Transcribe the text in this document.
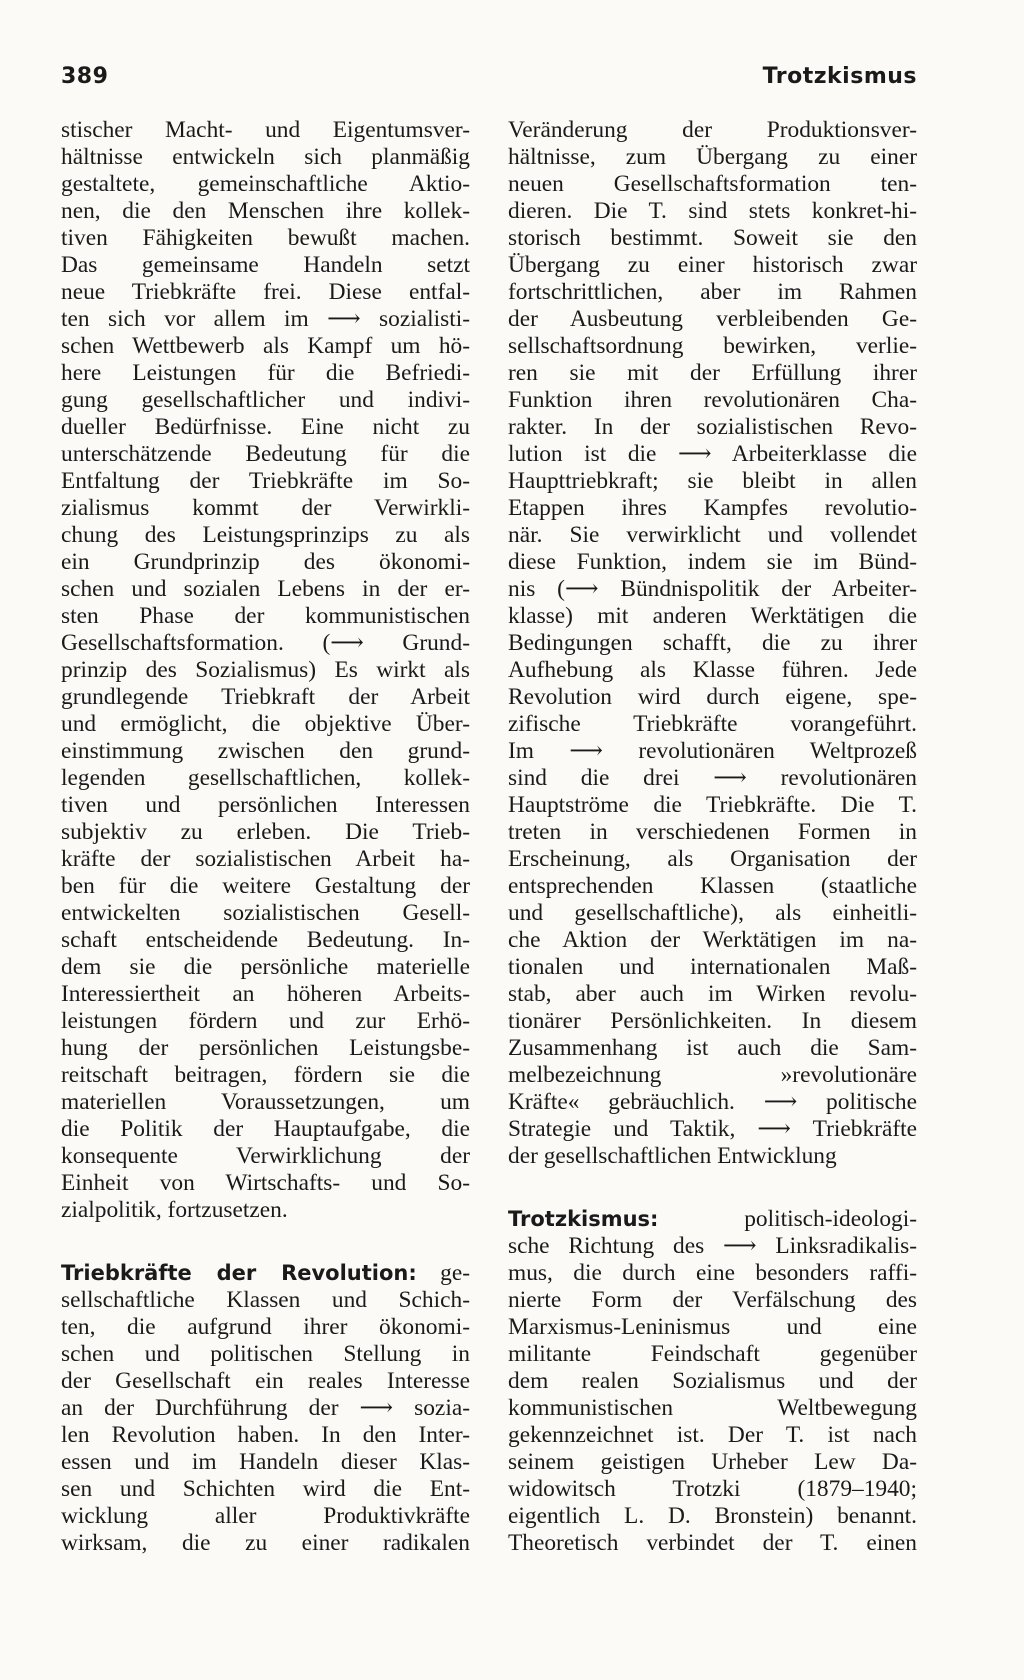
389	Trotzkismus

stischer Macht- und Eigentumsver-

hältnisse entwickeln sich planmäßig

gestaltete, gemeinschaftliche Aktio-

nen, die den Menschen ihre kollek-

tiven Fähigkeiten bewußt machen.

Das gemeinsame Handeln setzt

neue Triebkräfte frei. Diese entfal-

ten sich vor allem im ⟶ sozialisti-

schen Wettbewerb als Kampf um hö-

here Leistungen für die Befriedi-

gung gesellschaftlicher und indivi-

dueller Bedürfnisse. Eine nicht zu

unterschätzende Bedeutung für die

Entfaltung der Triebkräfte im So-

zialismus kommt der Verwirkli-

chung des Leistungsprinzips zu als

ein Grundprinzip des ökonomi-

schen und sozialen Lebens in der er-

sten Phase der kommunistischen

Gesellschaftsformation. (⟶ Grund-

prinzip des Sozialismus) Es wirkt als

grundlegende Triebkraft der Arbeit

und ermöglicht, die objektive Über-

einstimmung zwischen den grund-

legenden gesellschaftlichen, kollek-

tiven und persönlichen Interessen

subjektiv zu erleben. Die Trieb-

kräfte der sozialistischen Arbeit ha-

ben für die weitere Gestaltung der

entwickelten sozialistischen Gesell-

schaft entscheidende Bedeutung. In-

dem sie die persönliche materielle

Interessiertheit an höheren Arbeits-

leistungen fördern und zur Erhö-

hung der persönlichen Leistungsbe-

reitschaft beitragen, fördern sie die

materiellen Voraussetzungen, um

die Politik der Hauptaufgabe, die

konsequente Verwirklichung der

Einheit von Wirtschafts- und So-

zialpolitik, fortzusetzen.

Triebkräfte der Revolution: ge-

sellschaftliche Klassen und Schich-

ten, die aufgrund ihrer ökonomi-

schen und politischen Stellung in

der Gesellschaft ein reales Interesse

an der Durchführung der ⟶ sozia-

len Revolution haben. In den Inter-

essen und im Handeln dieser Klas-

sen und Schichten wird die Ent-

wicklung aller Produktivkräfte

wirksam, die zu einer radikalen

Veränderung der Produktionsver-

hältnisse, zum Übergang zu einer

neuen Gesellschaftsformation ten-

dieren. Die T. sind stets konkret-hi-

storisch bestimmt. Soweit sie den

Übergang zu einer historisch zwar

fortschrittlichen, aber im Rahmen

der Ausbeutung verbleibenden Ge-

sellschaftsordnung bewirken, verlie-

ren sie mit der Erfüllung ihrer

Funktion ihren revolutionären Cha-

rakter. In der sozialistischen Revo-

lution ist die ⟶ Arbeiterklasse die

Haupttriebkraft; sie bleibt in allen

Etappen ihres Kampfes revolutio-

när. Sie verwirklicht und vollendet

diese Funktion, indem sie im Bünd-

nis (⟶ Bündnispolitik der Arbeiter-

klasse) mit anderen Werktätigen die

Bedingungen schafft, die zu ihrer

Aufhebung als Klasse führen. Jede

Revolution wird durch eigene, spe-

zifische Triebkräfte vorangeführt.

Im ⟶ revolutionären Weltprozeß

sind die drei ⟶ revolutionären

Hauptströme die Triebkräfte. Die T.

treten in verschiedenen Formen in

Erscheinung, als Organisation der

entsprechenden Klassen (staatliche

und gesellschaftliche), als einheitli-

che Aktion der Werktätigen im na-

tionalen und internationalen Maß-

stab, aber auch im Wirken revolu-

tionärer Persönlichkeiten. In diesem

Zusammenhang ist auch die Sam-

melbezeichnung »revolutionäre

Kräfte« gebräuchlich. ⟶ politische

Strategie und Taktik, ⟶ Triebkräfte

der gesellschaftlichen Entwicklung

Trotzkismus: politisch-ideologi-

sche Richtung des ⟶ Linksradikalis-

mus, die durch eine besonders raffi-

nierte Form der Verfälschung des

Marxismus-Leninismus und eine

militante Feindschaft gegenüber

dem realen Sozialismus und der

kommunistischen Weltbewegung

gekennzeichnet ist. Der T. ist nach

seinem geistigen Urheber Lew Da-

widowitsch Trotzki (1879–1940;

eigentlich L. D. Bronstein) benannt.

Theoretisch verbindet der T. einen
